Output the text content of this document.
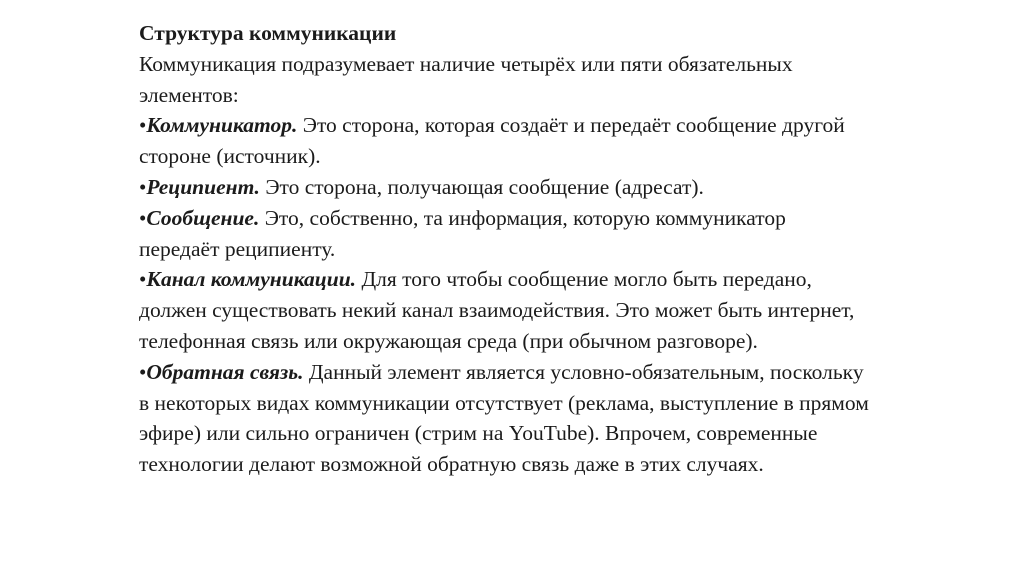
Структура коммуникации
Коммуникация подразумевает наличие четырёх или пяти обязательных элементов:
•Коммуникатор. Это сторона, которая создаёт и передаёт сообщение другой стороне (источник).
•Реципиент. Это сторона, получающая сообщение (адресат).
•Сообщение. Это, собственно, та информация, которую коммуникатор передаёт реципиенту.
•Канал коммуникации. Для того чтобы сообщение могло быть передано, должен существовать некий канал взаимодействия. Это может быть интернет, телефонная связь или окружающая среда (при обычном разговоре).
•Обратная связь. Данный элемент является условно-обязательным, поскольку в некоторых видах коммуникации отсутствует (реклама, выступление в прямом эфире) или сильно ограничен (стрим на YouTube). Впрочем, современные технологии делают возможной обратную связь даже в этих случаях.
